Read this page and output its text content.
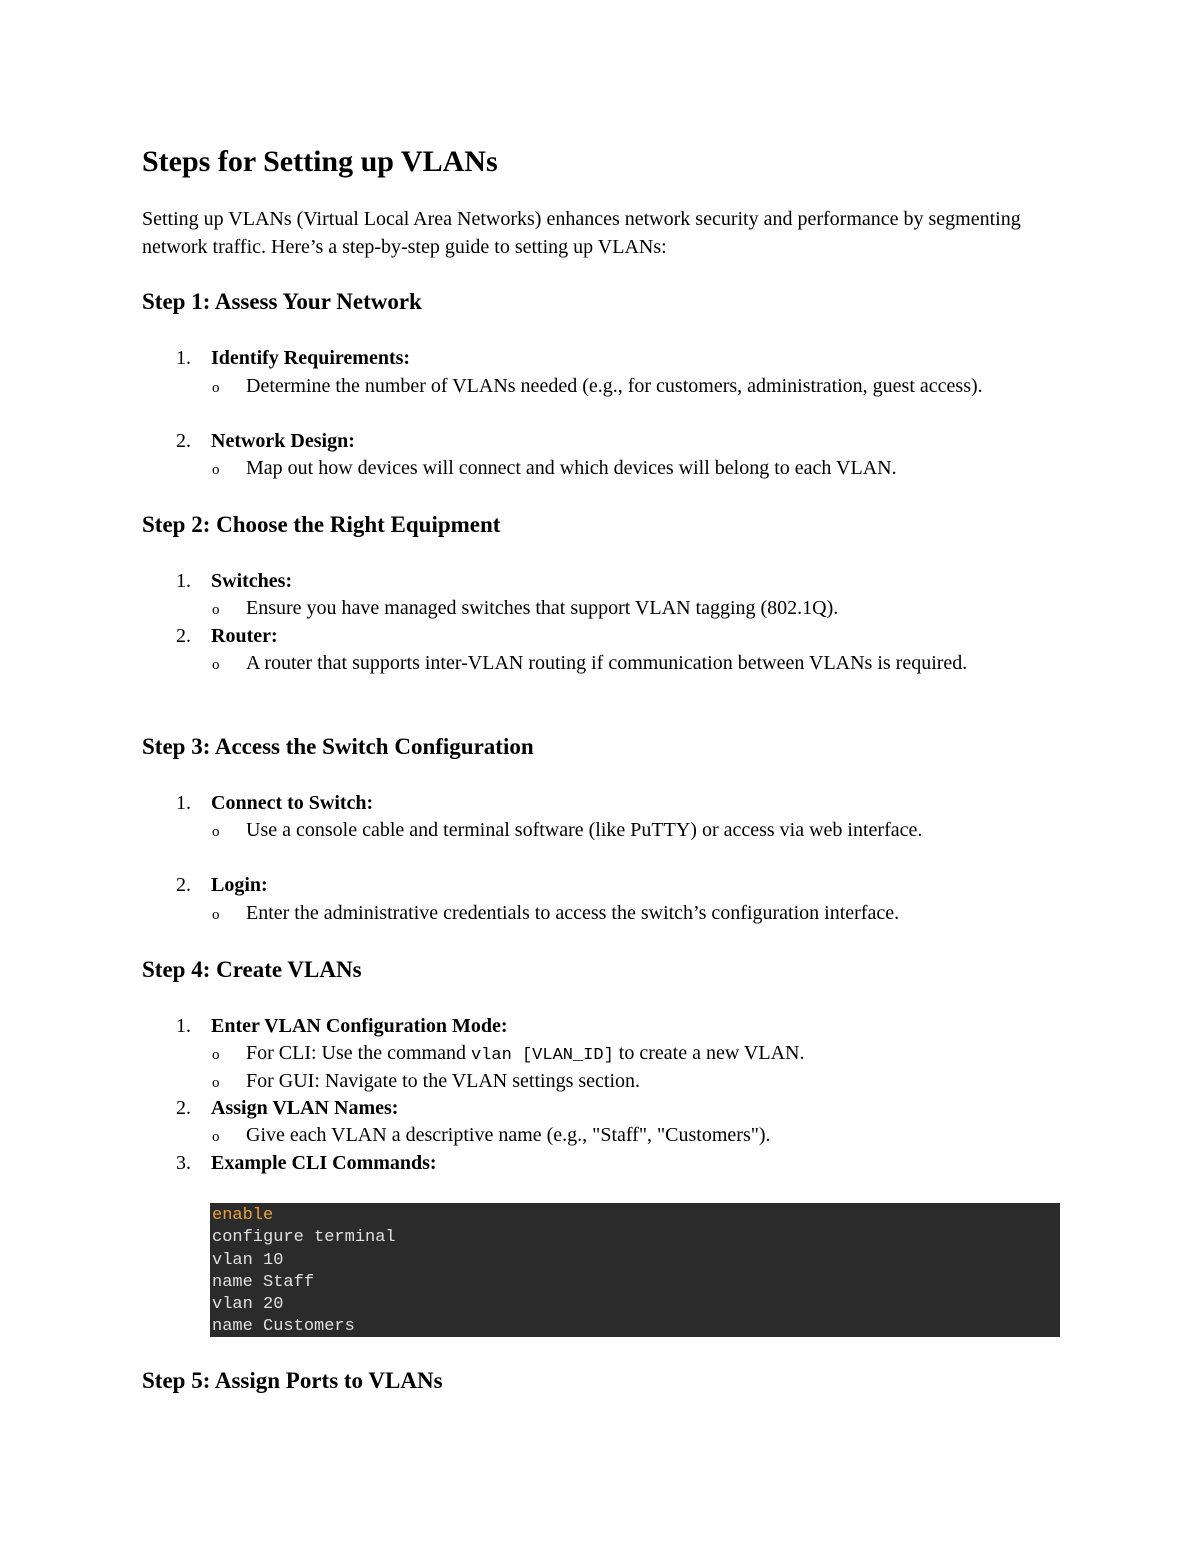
Steps for Setting up VLANs

Setting up VLANs (Virtual Local Area Networks) enhances network security and performance by segmenting network traffic. Here’s a step-by-step guide to setting up VLANs:

Step 1: Assess Your Network
1. Identify Requirements:
o Determine the number of VLANs needed (e.g., for customers, administration, guest access).
2. Network Design:
o Map out how devices will connect and which devices will belong to each VLAN.
Step 2: Choose the Right Equipment
1. Switches:
o Ensure you have managed switches that support VLAN tagging (802.1Q).
2. Router:
o A router that supports inter-VLAN routing if communication between VLANs is required.
Step 3: Access the Switch Configuration
1. Connect to Switch:
o Use a console cable and terminal software (like PuTTY) or access via web interface.
2. Login:
o Enter the administrative credentials to access the switch’s configuration interface.
Step 4: Create VLANs
1. Enter VLAN Configuration Mode:
o For CLI: Use the command vlan [VLAN_ID] to create a new VLAN.
o For GUI: Navigate to the VLAN settings section.
2. Assign VLAN Names:
o Give each VLAN a descriptive name (e.g., "Staff", "Customers").
3. Example CLI Commands:
enable
configure terminal
vlan 10
name Staff
vlan 20
name Customers
Step 5: Assign Ports to VLANs
